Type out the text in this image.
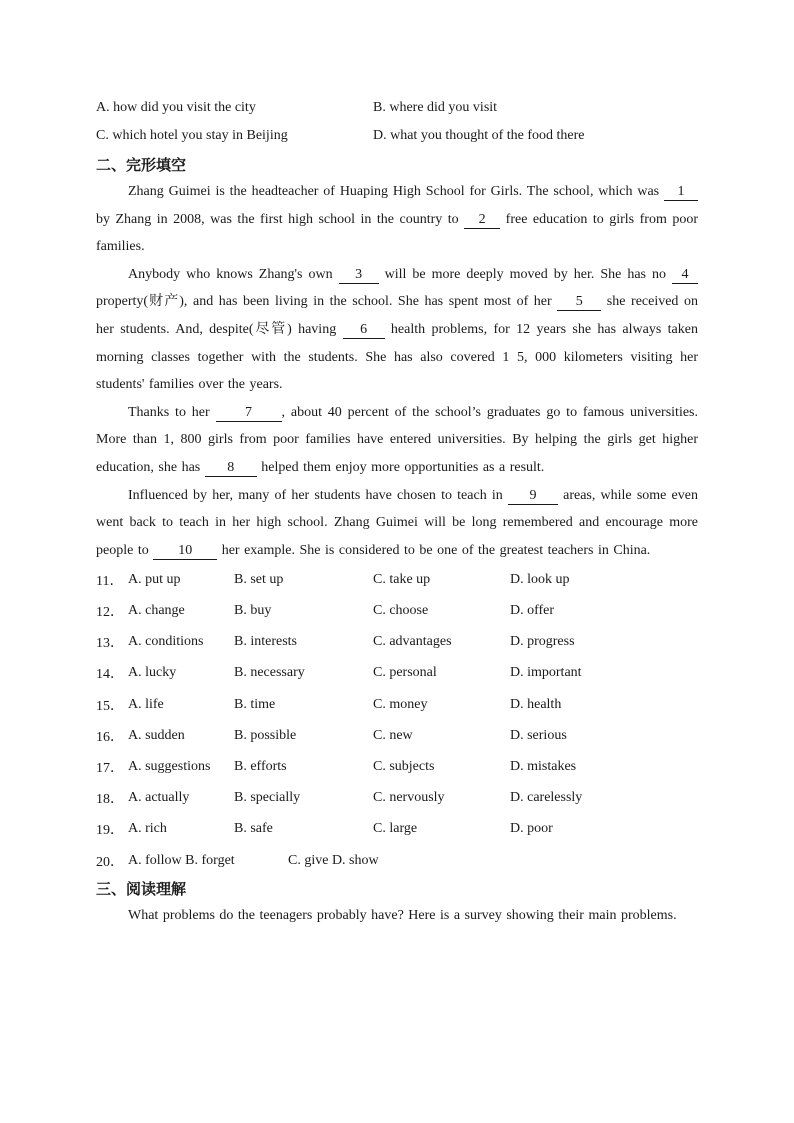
A. how did you visit the city	B. where did you visit
C. which hotel you stay in Beijing	D. what you thought of the food there
二、完形填空
Zhang Guimei is the headteacher of Huaping High School for Girls. The school, which was 1 by Zhang in 2008, was the first high school in the country to 2 free education to girls from poor families.
Anybody who knows Zhang's own 3 will be more deeply moved by her. She has no 4 property(财产), and has been living in the school. She has spent most of her 5 she received on her students. And, despite(尽管) having 6 health problems, for 12 years she has always taken morning classes together with the students. She has also covered 1 5, 000 kilometers visiting her students' families over the years.
Thanks to her 7 , about 40 percent of the school’s graduates go to famous universities. More than 1, 800 girls from poor families have entered universities. By helping the girls get higher education, she has 8 helped them enjoy more opportunities as a result.
Influenced by her, many of her students have chosen to teach in 9 areas, while some even went back to teach in her high school. Zhang Guimei will be long remembered and encourage more people to 10 her example. She is considered to be one of the greatest teachers in China.
11． A. put up	B. set up	C. take up	D. look up
12． A. change	B. buy	C. choose	D. offer
13． A. conditions	B. interests	C. advantages	D. progress
14． A. lucky	B. necessary	C. personal	D. important
15． A. life	B. time	C. money	D. health
16． A. sudden	B. possible	C. new	D. serious
17． A. suggestions	B. efforts	C. subjects	D. mistakes
18． A. actually	B. specially	C. nervously	D. carelessly
19． A. rich	B. safe	C. large	D. poor
20． A. follow B. forget	C. give D. show
三、阅读理解
What problems do the teenagers probably have? Here is a survey showing their main problems.
